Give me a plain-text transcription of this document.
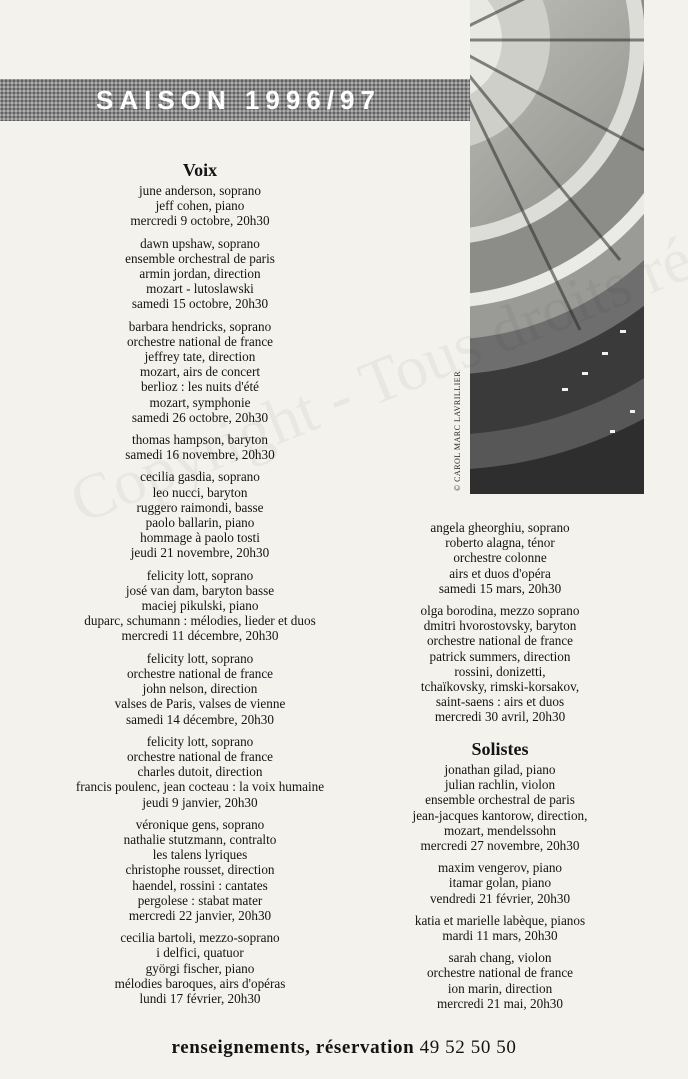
SAISON 1996/97
© CAROL MARC LAVRILLIER
Voix
june anderson, soprano
jeff cohen, piano
mercredi 9 octobre, 20h30
dawn upshaw, soprano
ensemble orchestral de paris
armin jordan, direction
mozart - lutoslawski
samedi 15 octobre, 20h30
barbara hendricks, soprano
orchestre national de france
jeffrey tate, direction
mozart, airs de concert
berlioz : les nuits d'été
mozart, symphonie
samedi 26 octobre, 20h30
thomas hampson, baryton
samedi 16 novembre, 20h30
cecilia gasdia, soprano
leo nucci, baryton
ruggero raimondi, basse
paolo ballarin, piano
hommage à paolo tosti
jeudi 21 novembre, 20h30
felicity lott, soprano
josé van dam, baryton basse
maciej pikulski, piano
duparc, schumann : mélodies, lieder et duos
mercredi 11 décembre, 20h30
felicity lott, soprano
orchestre national de france
john nelson, direction
valses de Paris, valses de vienne
samedi 14 décembre, 20h30
felicity lott, soprano
orchestre national de france
charles dutoit, direction
francis poulenc, jean cocteau : la voix humaine
jeudi 9 janvier, 20h30
véronique gens, soprano
nathalie stutzmann, contralto
les talens lyriques
christophe rousset, direction
haendel, rossini : cantates
pergolese : stabat mater
mercredi 22 janvier, 20h30
cecilia bartoli, mezzo-soprano
i delfici, quatuor
györgi fischer, piano
mélodies baroques, airs d'opéras
lundi 17 février, 20h30
angela gheorghiu, soprano
roberto alagna, ténor
orchestre colonne
airs et duos d'opéra
samedi 15 mars, 20h30
olga borodina, mezzo soprano
dmitri hvorostovsky, baryton
orchestre national de france
patrick summers, direction
rossini, donizetti,
tchaïkovsky, rimski-korsakov,
saint-saens : airs et duos
mercredi 30 avril, 20h30
Solistes
jonathan gilad, piano
julian rachlin, violon
ensemble orchestral de paris
jean-jacques kantorow, direction,
mozart, mendelssohn
mercredi 27 novembre, 20h30
maxim vengerov, piano
itamar golan, piano
vendredi 21 février, 20h30
katia et marielle labèque, pianos
mardi 11 mars, 20h30
sarah chang, violon
orchestre national de france
ion marin, direction
mercredi 21 mai, 20h30
renseignements, réservation 49 52 50 50
